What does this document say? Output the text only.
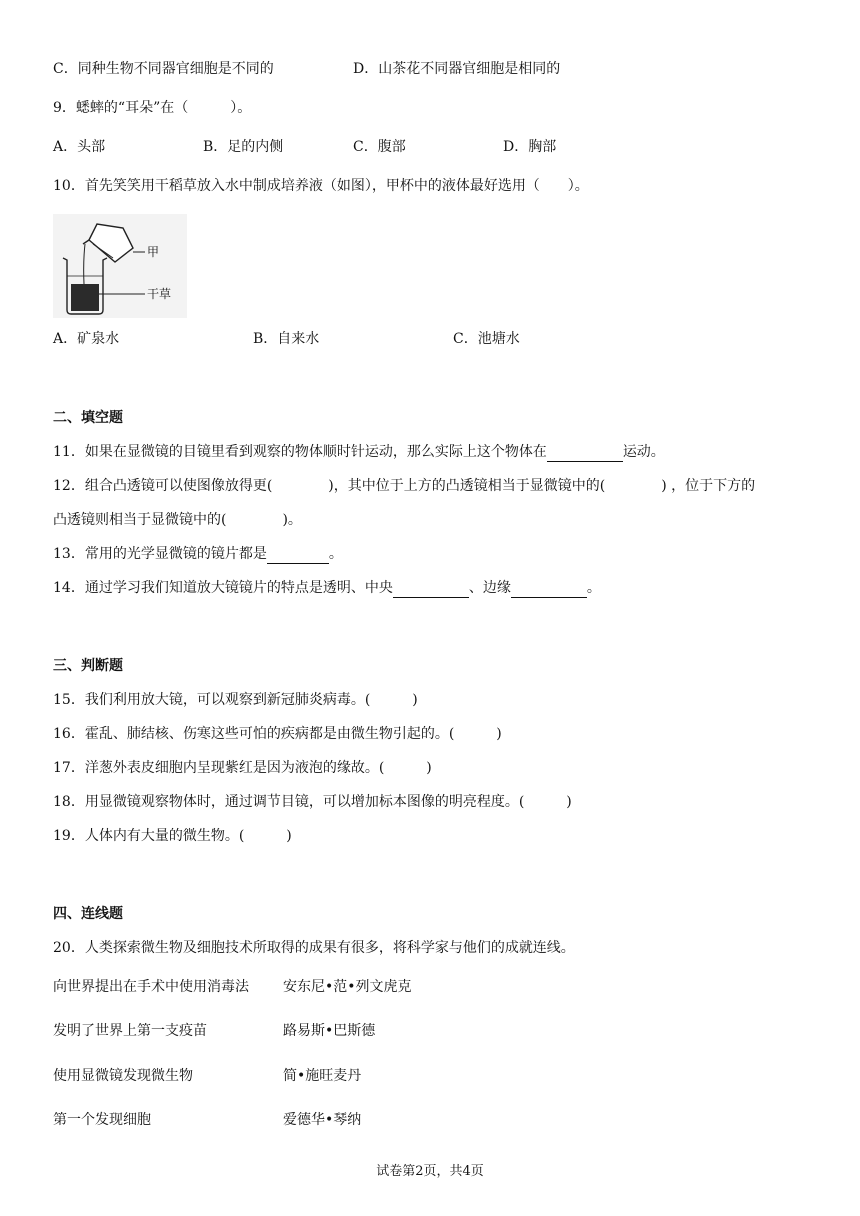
C．同种生物不同器官细胞是不同的	D．山茶花不同器官细胞是相同的
9．蟋蟀的“耳朵”在（　　　）。
A．头部	B．足的内侧	C．腹部	D．胸部
10．首先笑笑用干稻草放入水中制成培养液（如图），甲杯中的液体最好选用（　　）。
甲
干草
A．矿泉水	B．自来水	C．池塘水
二、填空题
11．如果在显微镜的目镜里看到观察的物体顺时针运动，那么实际上这个物体在	运动。
12．组合凸透镜可以使图像放得更(　　　　)，其中位于上方的凸透镜相当于显微镜中的(　　　　) ，位于下方的
凸透镜则相当于显微镜中的(　　　　)。
13．常用的光学显微镜的镜片都是	。
14．通过学习我们知道放大镜镜片的特点是透明、中央	、边缘	。
三、判断题
15．我们利用放大镜，可以观察到新冠肺炎病毒。(　　　)
16．霍乱、肺结核、伤寒这些可怕的疾病都是由微生物引起的。(　　　)
17．洋葱外表皮细胞内呈现紫红是因为液泡的缘故。(　　　)
18．用显微镜观察物体时，通过调节目镜，可以增加标本图像的明亮程度。(　　　)
19．人体内有大量的微生物。(　　　)
四、连线题
20．人类探索微生物及细胞技术所取得的成果有很多，将科学家与他们的成就连线。
向世界提出在手术中使用消毒法 安东尼•范•列文虎克
发明了世界上第一支疫苗	路易斯•巴斯德
使用显微镜发现微生物	简•施旺麦丹
第一个发现细胞	爱德华•琴纳
试卷第2页，共4页
